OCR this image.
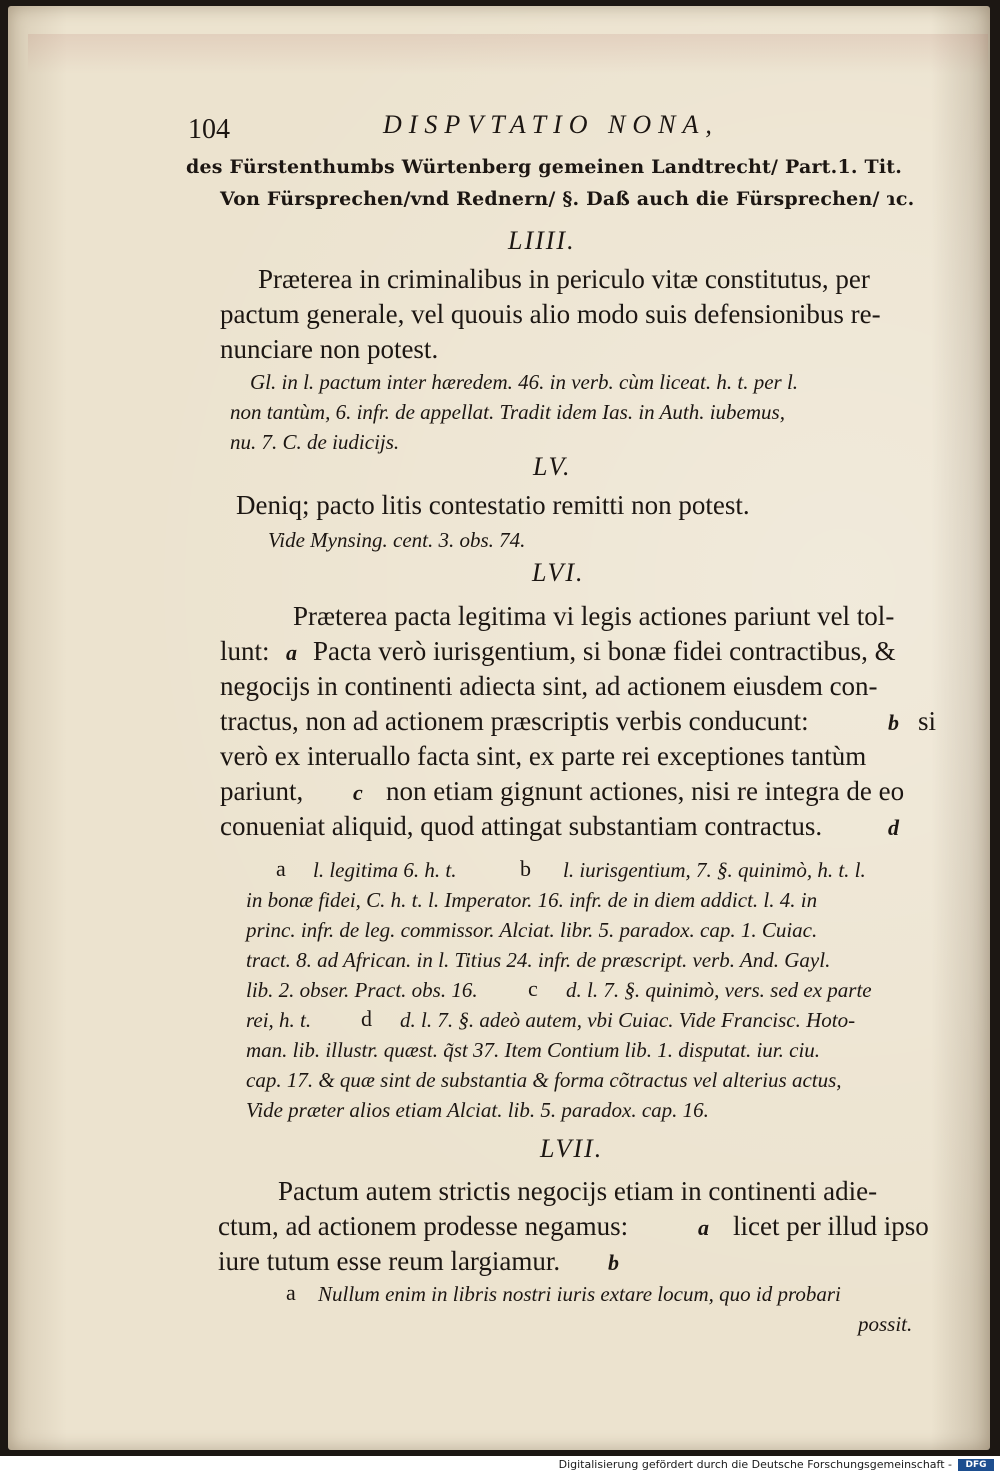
104	DISPVTATIO NONA,
des Fürstenthumbs Würtenberg gemeinen Landtrecht/ Part.1. Tit.
Von Fürsprechen/vnd Rednern/ §. Daß auch die Fürsprechen/ ɿc.
LIIII.
Præterea in criminalibus in periculo vitæ constitutus, per
pactum generale, vel quouis alio modo suis defensionibus re-
nunciare non potest.
Gl. in l. pactum inter hæredem. 46. in verb. cùm liceat. h. t. per l.
non tantùm, 6. infr. de appellat. Tradit idem Ias. in Auth. iubemus,
nu. 7. C. de iudicijs.
LV.
Deniq; pacto litis contestatio remitti non potest.
Vide Mynsing. cent. 3. obs. 74.
LVI.
Præterea pacta legitima vi legis actiones pariunt vel tol-
lunt: a Pacta verò iurisgentium, si bonæ fidei contractibus, &
negocijs in continenti adiecta sint, ad actionem eiusdem con-
tractus, non ad actionem præscriptis verbis conducunt:	b si
verò ex interuallo facta sint, ex parte rei exceptiones tantùm
pariunt, c non etiam gignunt actiones, nisi re integra de eo
conueniat aliquid, quod attingat substantiam contractus.	d
a l. legitima 6. h. t.	b l. iurisgentium, 7. §. quinimò, h. t. l.
in bonæ fidei, C. h. t. l. Imperator. 16. infr. de in diem addict. l. 4. in
princ. infr. de leg. commissor. Alciat. libr. 5. paradox. cap. 1. Cuiac.
tract. 8. ad African. in l. Titius 24. infr. de præscript. verb. And. Gayl.
lib. 2. obser. Pract. obs. 16. c d. l. 7. §. quinimò, vers. sed ex parte
rei, h. t. d d. l. 7. §. adeò autem, vbi Cuiac. Vide Francisc. Hoto-
man. lib. illustr. quæst. q̃st 37. Item Contium lib. 1. disputat. iur. ciu.
cap. 17. & quæ sint de substantia & forma cõtractus vel alterius actus,
Vide præter alios etiam Alciat. lib. 5. paradox. cap. 16.
LVII.
Pactum autem strictis negocijs etiam in continenti adie-
ctum, ad actionem prodesse negamus:	a licet per illud ipso
iure tutum esse reum largiamur. b
a Nullum enim in libris nostri iuris extare locum, quo id probari
possit.
Digitalisierung gefördert durch die Deutsche Forschungsgemeinschaft -	DFG
